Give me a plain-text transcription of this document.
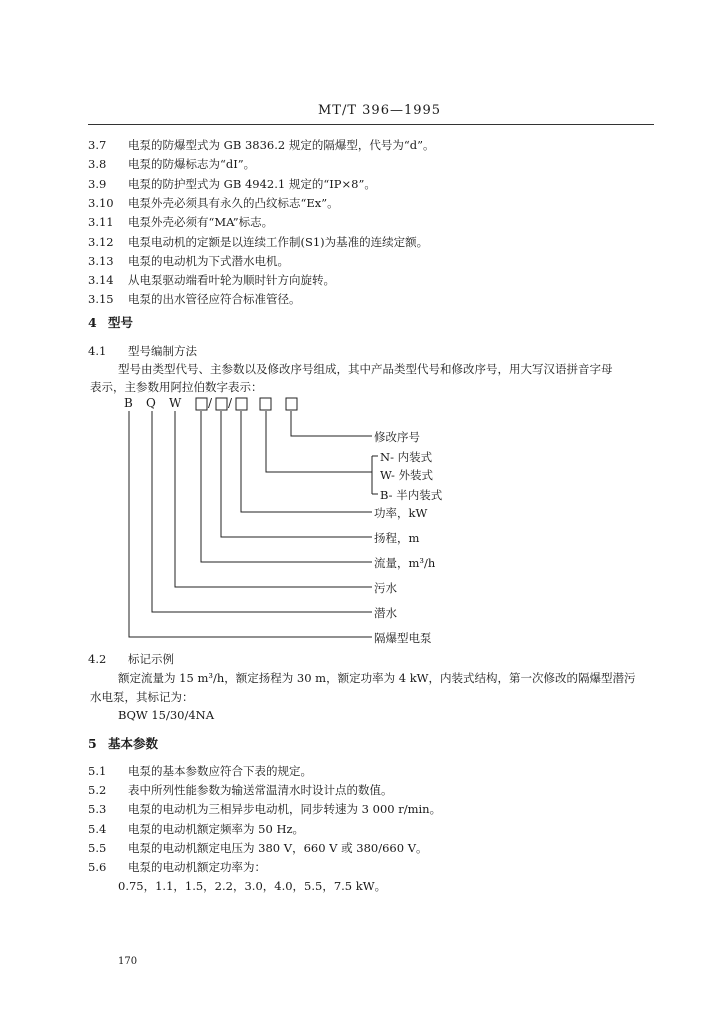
MT/T 396—1995
3.7 电泵的防爆型式为 GB 3836.2 规定的隔爆型，代号为“d”。
3.8 电泵的防爆标志为“dI”。
3.9 电泵的防护型式为 GB 4942.1 规定的“IP×8”。
3.10 电泵外壳必须具有永久的凸纹标志“Ex”。
3.11 电泵外壳必须有“MA”标志。
3.12 电泵电动机的定额是以连续工作制(S1)为基准的连续定额。
3.13 电泵的电动机为下式潜水电机。
3.14 从电泵驱动端看叶轮为顺时针方向旋转。
3.15 电泵的出水管径应符合标准管径。
4 型号
4.1 型号编制方法
型号由类型代号、主参数以及修改序号组成，其中产品类型代号和修改序号，用大写汉语拼音字母
表示，主参数用阿拉伯数字表示：
B Q W / /
修改序号
N- 内装式
W- 外装式
B- 半内装式
功率，kW
扬程，m
流量，m³/h
污水
潜水
隔爆型电泵
4.2 标记示例
额定流量为 15 m³/h，额定扬程为 30 m，额定功率为 4 kW，内装式结构，第一次修改的隔爆型潜污
水电泵，其标记为：
BQW 15/30/4NA
5 基本参数
5.1 电泵的基本参数应符合下表的规定。
5.2 表中所列性能参数为输送常温清水时设计点的数值。
5.3 电泵的电动机为三相异步电动机，同步转速为 3 000 r/min。
5.4 电泵的电动机额定频率为 50 Hz。
5.5 电泵的电动机额定电压为 380 V，660 V 或 380/660 V。
5.6 电泵的电动机额定功率为：
0.75，1.1，1.5，2.2，3.0，4.0，5.5，7.5 kW。
170
